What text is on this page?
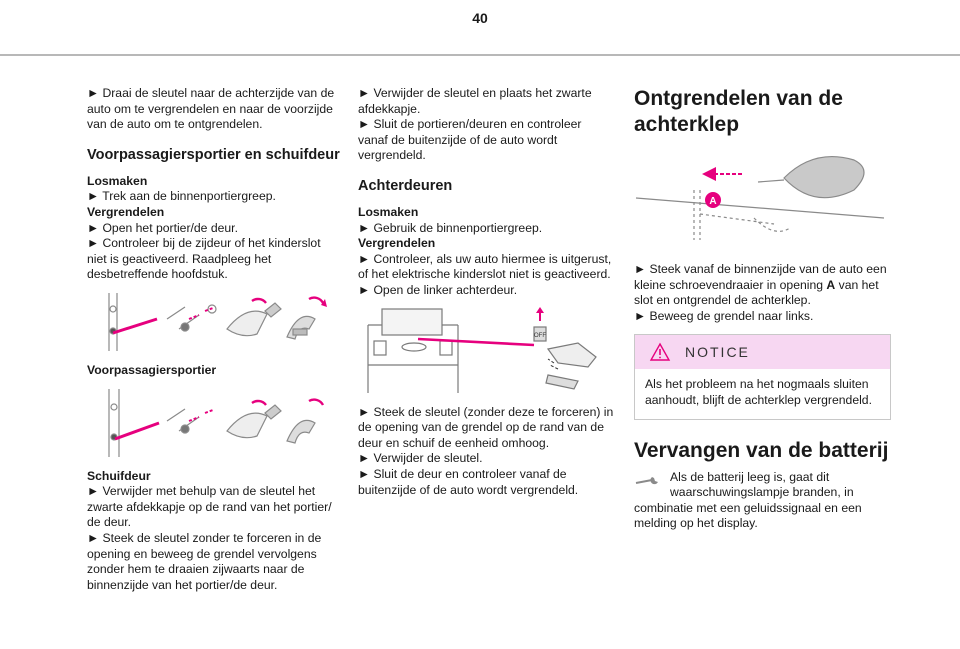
40

► Draai de sleutel naar de achterzijde van de auto om te vergrendelen en naar de voorzijde van de auto om te ontgrendelen.

Voorpassagiersportier en schuifdeur

Losmaken

► Trek aan de binnenportiergreep.

Vergrendelen

► Open het portier/de deur.

► Controleer bij de zijdeur of het kinderslot niet is geactiveerd. Raadpleeg het desbetreffende hoofdstuk.

Voorpassagiersportier

Schuifdeur

► Verwijder met behulp van de sleutel het zwarte afdekkapje op de rand van het portier/ de deur.

► Steek de sleutel zonder te forceren in de opening en beweeg de grendel vervolgens zonder hem te draaien zijwaarts naar de binnenzijde van het portier/de deur.

► Verwijder de sleutel en plaats het zwarte afdekkapje.

► Sluit de portieren/deuren en controleer vanaf de buitenzijde of de auto wordt vergrendeld.

Achterdeuren

Losmaken

► Gebruik de binnenportiergreep.

Vergrendelen

► Controleer, als uw auto hiermee is uitgerust, of het elektrische kinderslot niet is geactiveerd.

► Open de linker achterdeur.

OFF

► Steek de sleutel (zonder deze te forceren) in de opening van de grendel op de rand van de deur en schuif de eenheid omhoog.

► Verwijder de sleutel.

► Sluit de deur en controleer vanaf de buitenzijde of de auto wordt vergrendeld.

Ontgrendelen van de achterklep
A

► Steek vanaf de binnenzijde van de auto een kleine schroevendraaier in opening A van het slot en ontgrendel de achterklep.

► Beweeg de grendel naar links.

NOTICE
Als het probleem na het nogmaals sluiten aanhoudt, blijft de achterklep vergrendeld.
Vervangen van de batterij
Als de batterij leeg is, gaat dit waarschuwingslampje branden, in

combinatie met een geluidssignaal en een melding op het display.
